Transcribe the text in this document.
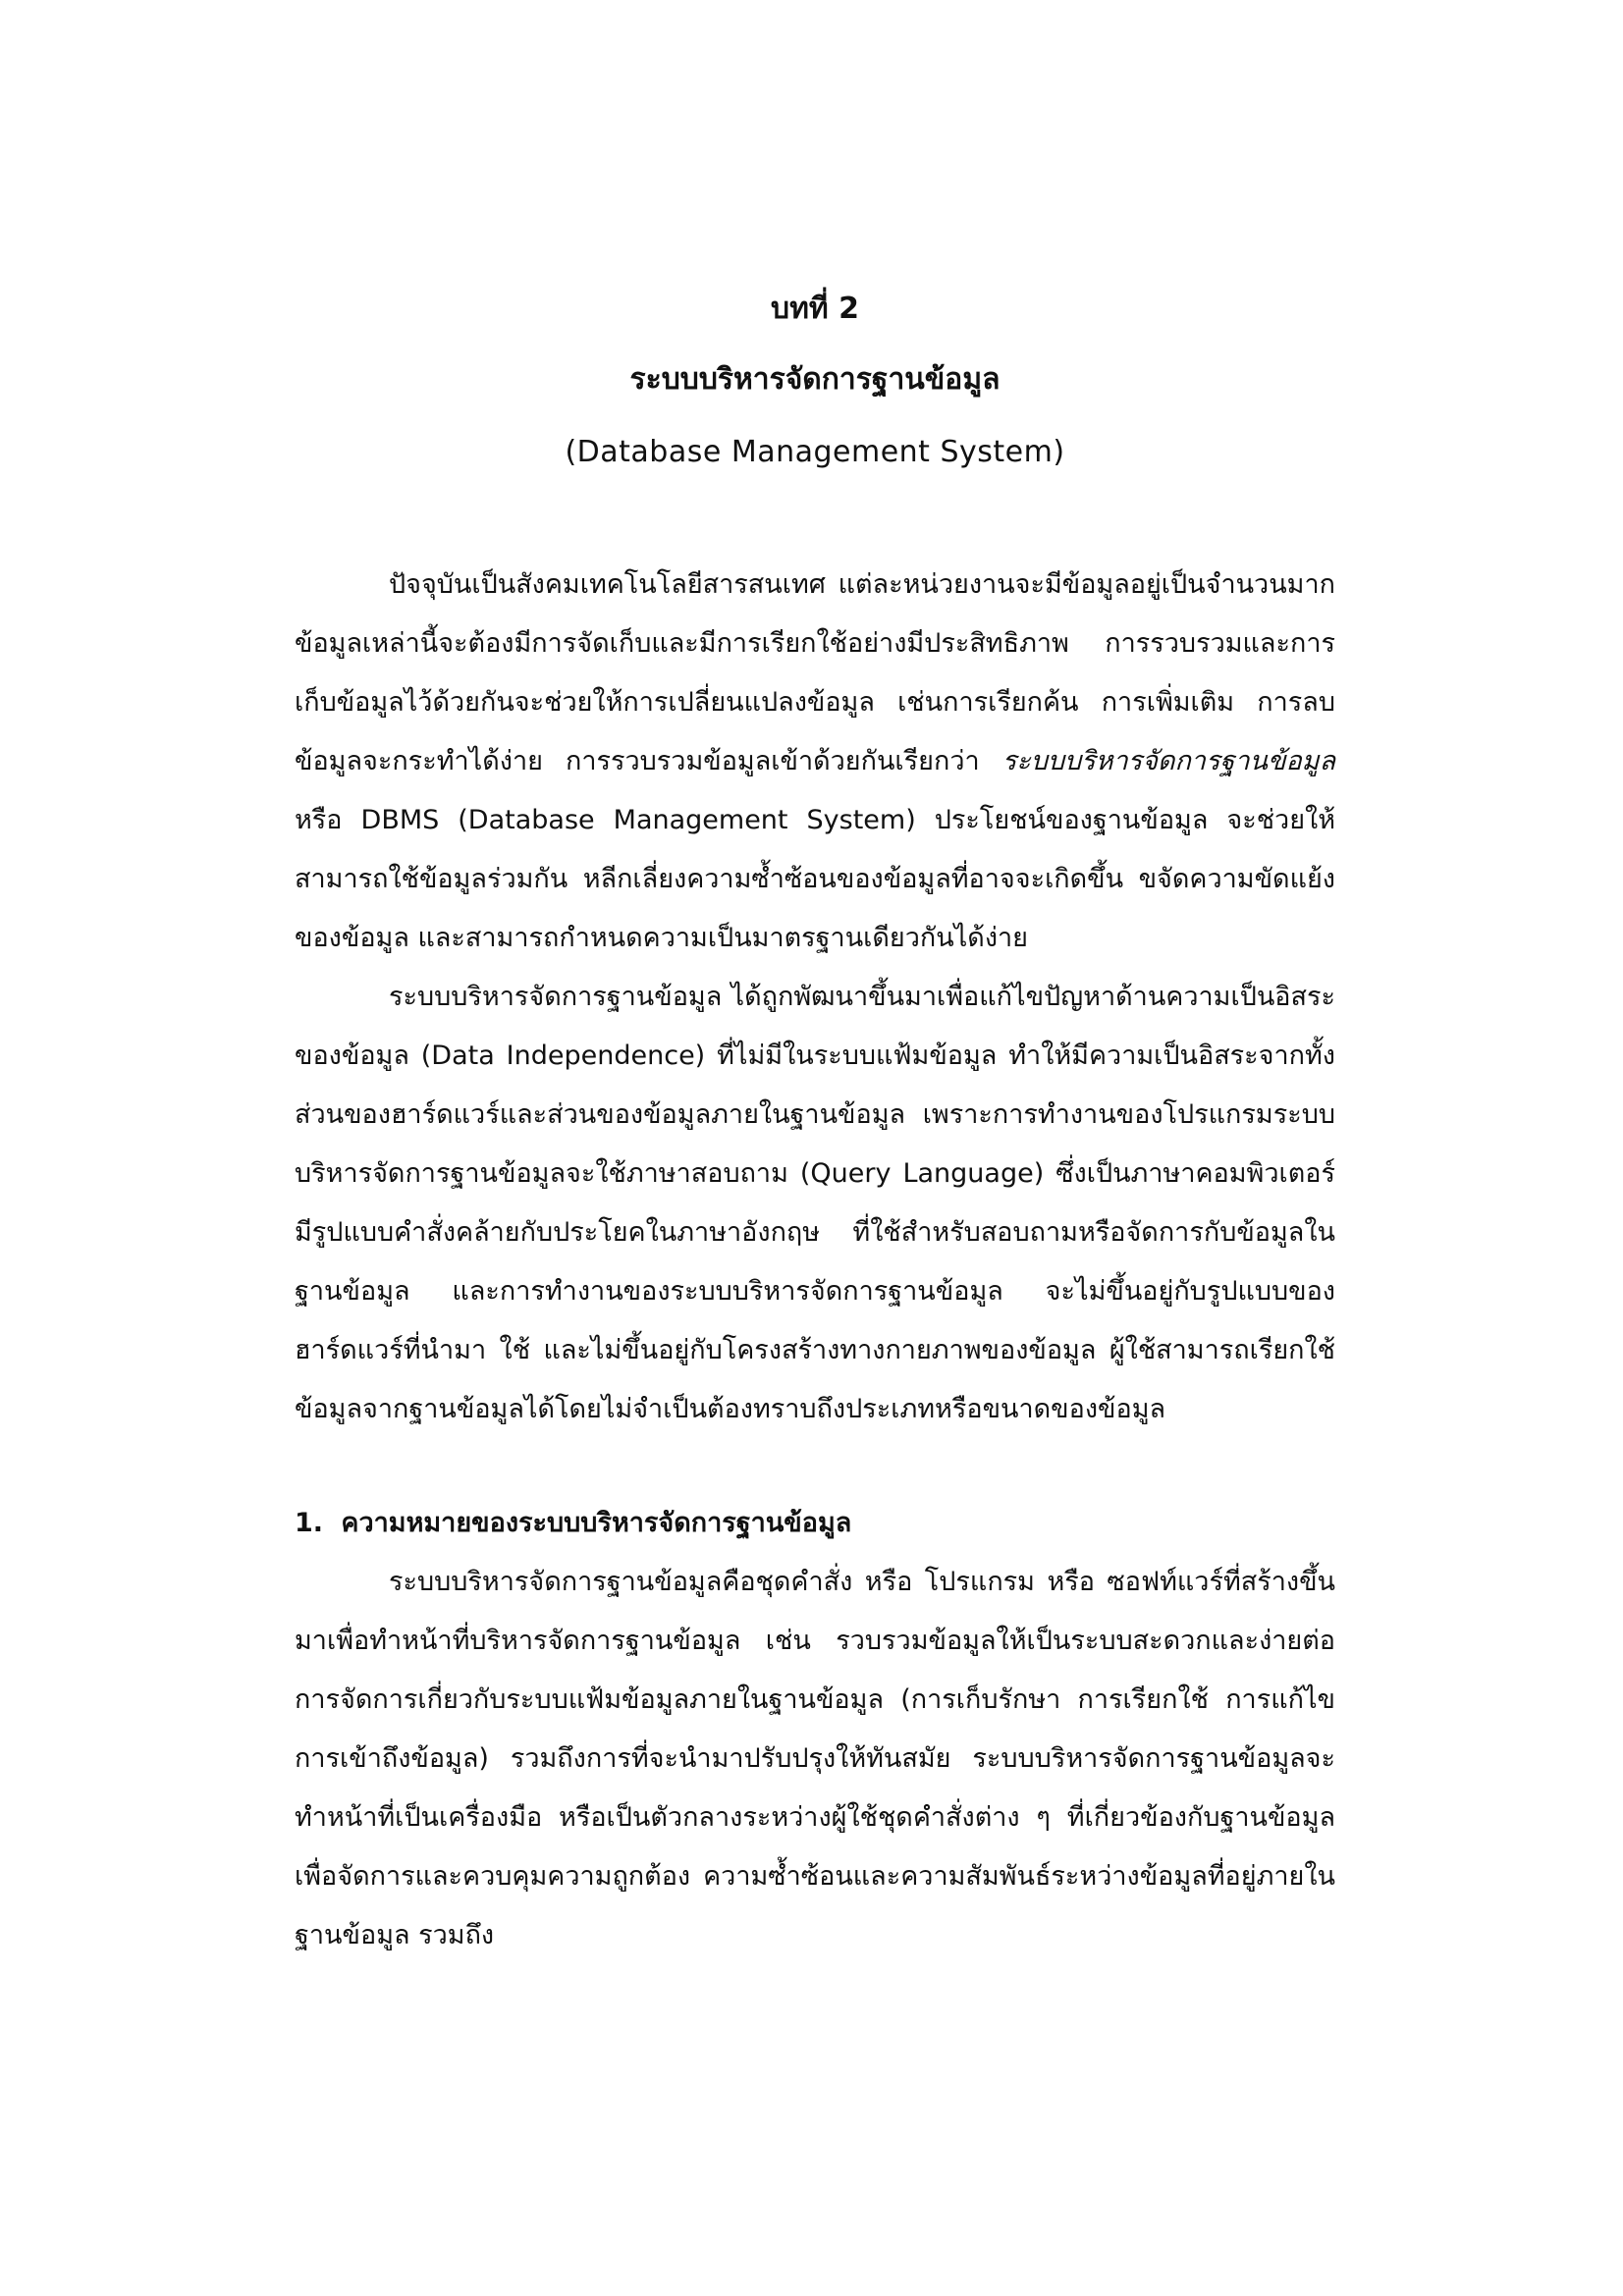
บทที่ 2

ระบบบริหารจัดการฐานข้อมูล

(Database Management System)

ปัจจุบันเป็นสังคมเทคโนโลยีสารสนเทศ แต่ละหน่วยงานจะมีข้อมูลอยู่เป็นจำนวนมาก ข้อมูลเหล่านี้จะต้องมีการจัดเก็บและมีการเรียกใช้อย่างมีประสิทธิภาพ การรวบรวมและการเก็บข้อมูลไว้ด้วยกันจะช่วยให้การเปลี่ยนแปลงข้อมูล เช่นการเรียกค้น การเพิ่มเติม การลบข้อมูลจะกระทำได้ง่าย การรวบรวมข้อมูลเข้าด้วยกันเรียกว่า ระบบบริหารจัดการฐานข้อมูล หรือ DBMS (Database Management System) ประโยชน์ของฐานข้อมูล จะช่วยให้สามารถใช้ข้อมูลร่วมกัน หลีกเลี่ยงความซ้ำซ้อนของข้อมูลที่อาจจะเกิดขึ้น ขจัดความขัดแย้งของข้อมูล และสามารถกำหนดความเป็นมาตรฐานเดียวกันได้ง่าย

ระบบบริหารจัดการฐานข้อมูล ได้ถูกพัฒนาขึ้นมาเพื่อแก้ไขปัญหาด้านความเป็นอิสระของข้อมูล (Data Independence) ที่ไม่มีในระบบแฟ้มข้อมูล ทำให้มีความเป็นอิสระจากทั้งส่วนของฮาร์ดแวร์และส่วนของข้อมูลภายในฐานข้อมูล เพราะการทำงานของโปรแกรมระบบบริหารจัดการฐานข้อมูลจะใช้ภาษาสอบถาม (Query Language) ซึ่งเป็นภาษาคอมพิวเตอร์มีรูปแบบคำสั่งคล้ายกับประโยคในภาษาอังกฤษ ที่ใช้สำหรับสอบถามหรือจัดการกับข้อมูลในฐานข้อมูล และการทำงานของระบบบริหารจัดการฐานข้อมูล จะไม่ขึ้นอยู่กับรูปแบบของฮาร์ดแวร์ที่นำมา ใช้ และไม่ขึ้นอยู่กับโครงสร้างทางกายภาพของข้อมูล ผู้ใช้สามารถเรียกใช้ข้อมูลจากฐานข้อมูลได้โดยไม่จำเป็นต้องทราบถึงประเภทหรือขนาดของข้อมูล

1. ความหมายของระบบบริหารจัดการฐานข้อมูล

ระบบบริหารจัดการฐานข้อมูลคือชุดคำสั่ง หรือ โปรแกรม หรือ ซอฟท์แวร์ที่สร้างขึ้นมาเพื่อทำหน้าที่บริหารจัดการฐานข้อมูล เช่น รวบรวมข้อมูลให้เป็นระบบสะดวกและง่ายต่อการจัดการเกี่ยวกับระบบแฟ้มข้อมูลภายในฐานข้อมูล (การเก็บรักษา การเรียกใช้ การแก้ไข การเข้าถึงข้อมูล) รวมถึงการที่จะนำมาปรับปรุงให้ทันสมัย ระบบบริหารจัดการฐานข้อมูลจะทำหน้าที่เป็นเครื่องมือ หรือเป็นตัวกลางระหว่างผู้ใช้ชุดคำสั่งต่าง ๆ ที่เกี่ยวข้องกับฐานข้อมูล เพื่อจัดการและควบคุมความถูกต้อง ความซ้ำซ้อนและความสัมพันธ์ระหว่างข้อมูลที่อยู่ภายในฐานข้อมูล รวมถึง
